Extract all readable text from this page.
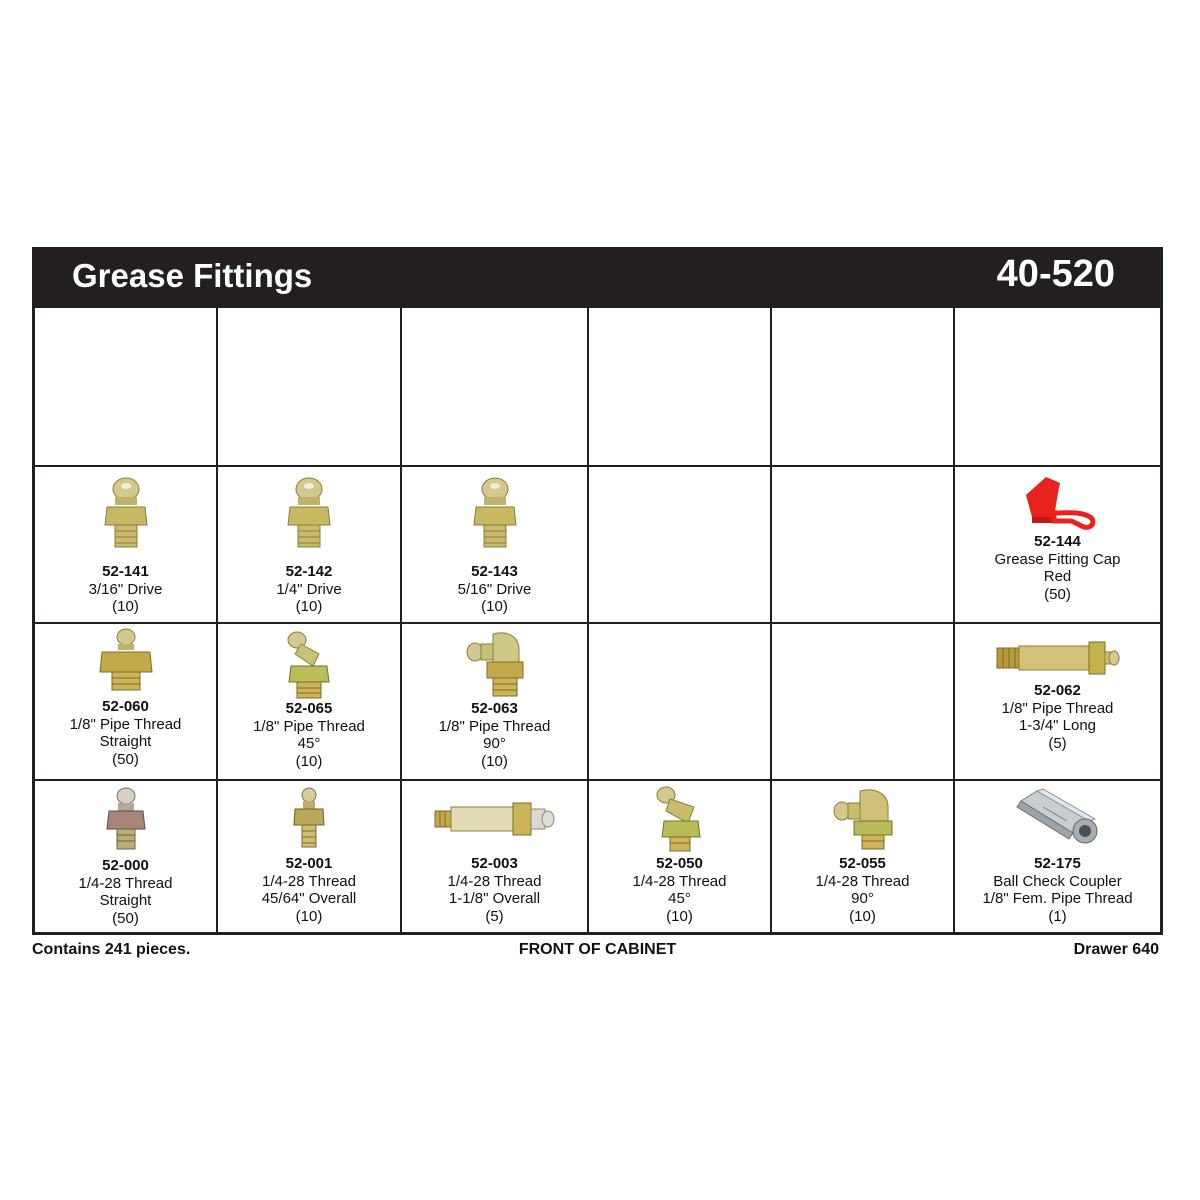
Grease Fittings	40-520
52-141
3/16" Drive
(10)
52-142
1/4" Drive
(10)
52-143
5/16" Drive
(10)
52-144
Grease Fitting Cap
Red
(50)
52-060
1/8" Pipe Thread
Straight
(50)
52-065
1/8" Pipe Thread
45°
(10)
52-063
1/8" Pipe Thread
90°
(10)
52-062
1/8" Pipe Thread
1-3/4" Long
(5)
52-000
1/4-28 Thread
Straight
(50)
52-001
1/4-28 Thread
45/64" Overall
(10)
52-003
1/4-28 Thread
1-1/8" Overall
(5)
52-050
1/4-28 Thread
45°
(10)
52-055
1/4-28 Thread
90°
(10)
52-175
Ball Check Coupler
1/8" Fem. Pipe Thread
(1)
Contains 241 pieces.	FRONT OF CABINET	Drawer 640
